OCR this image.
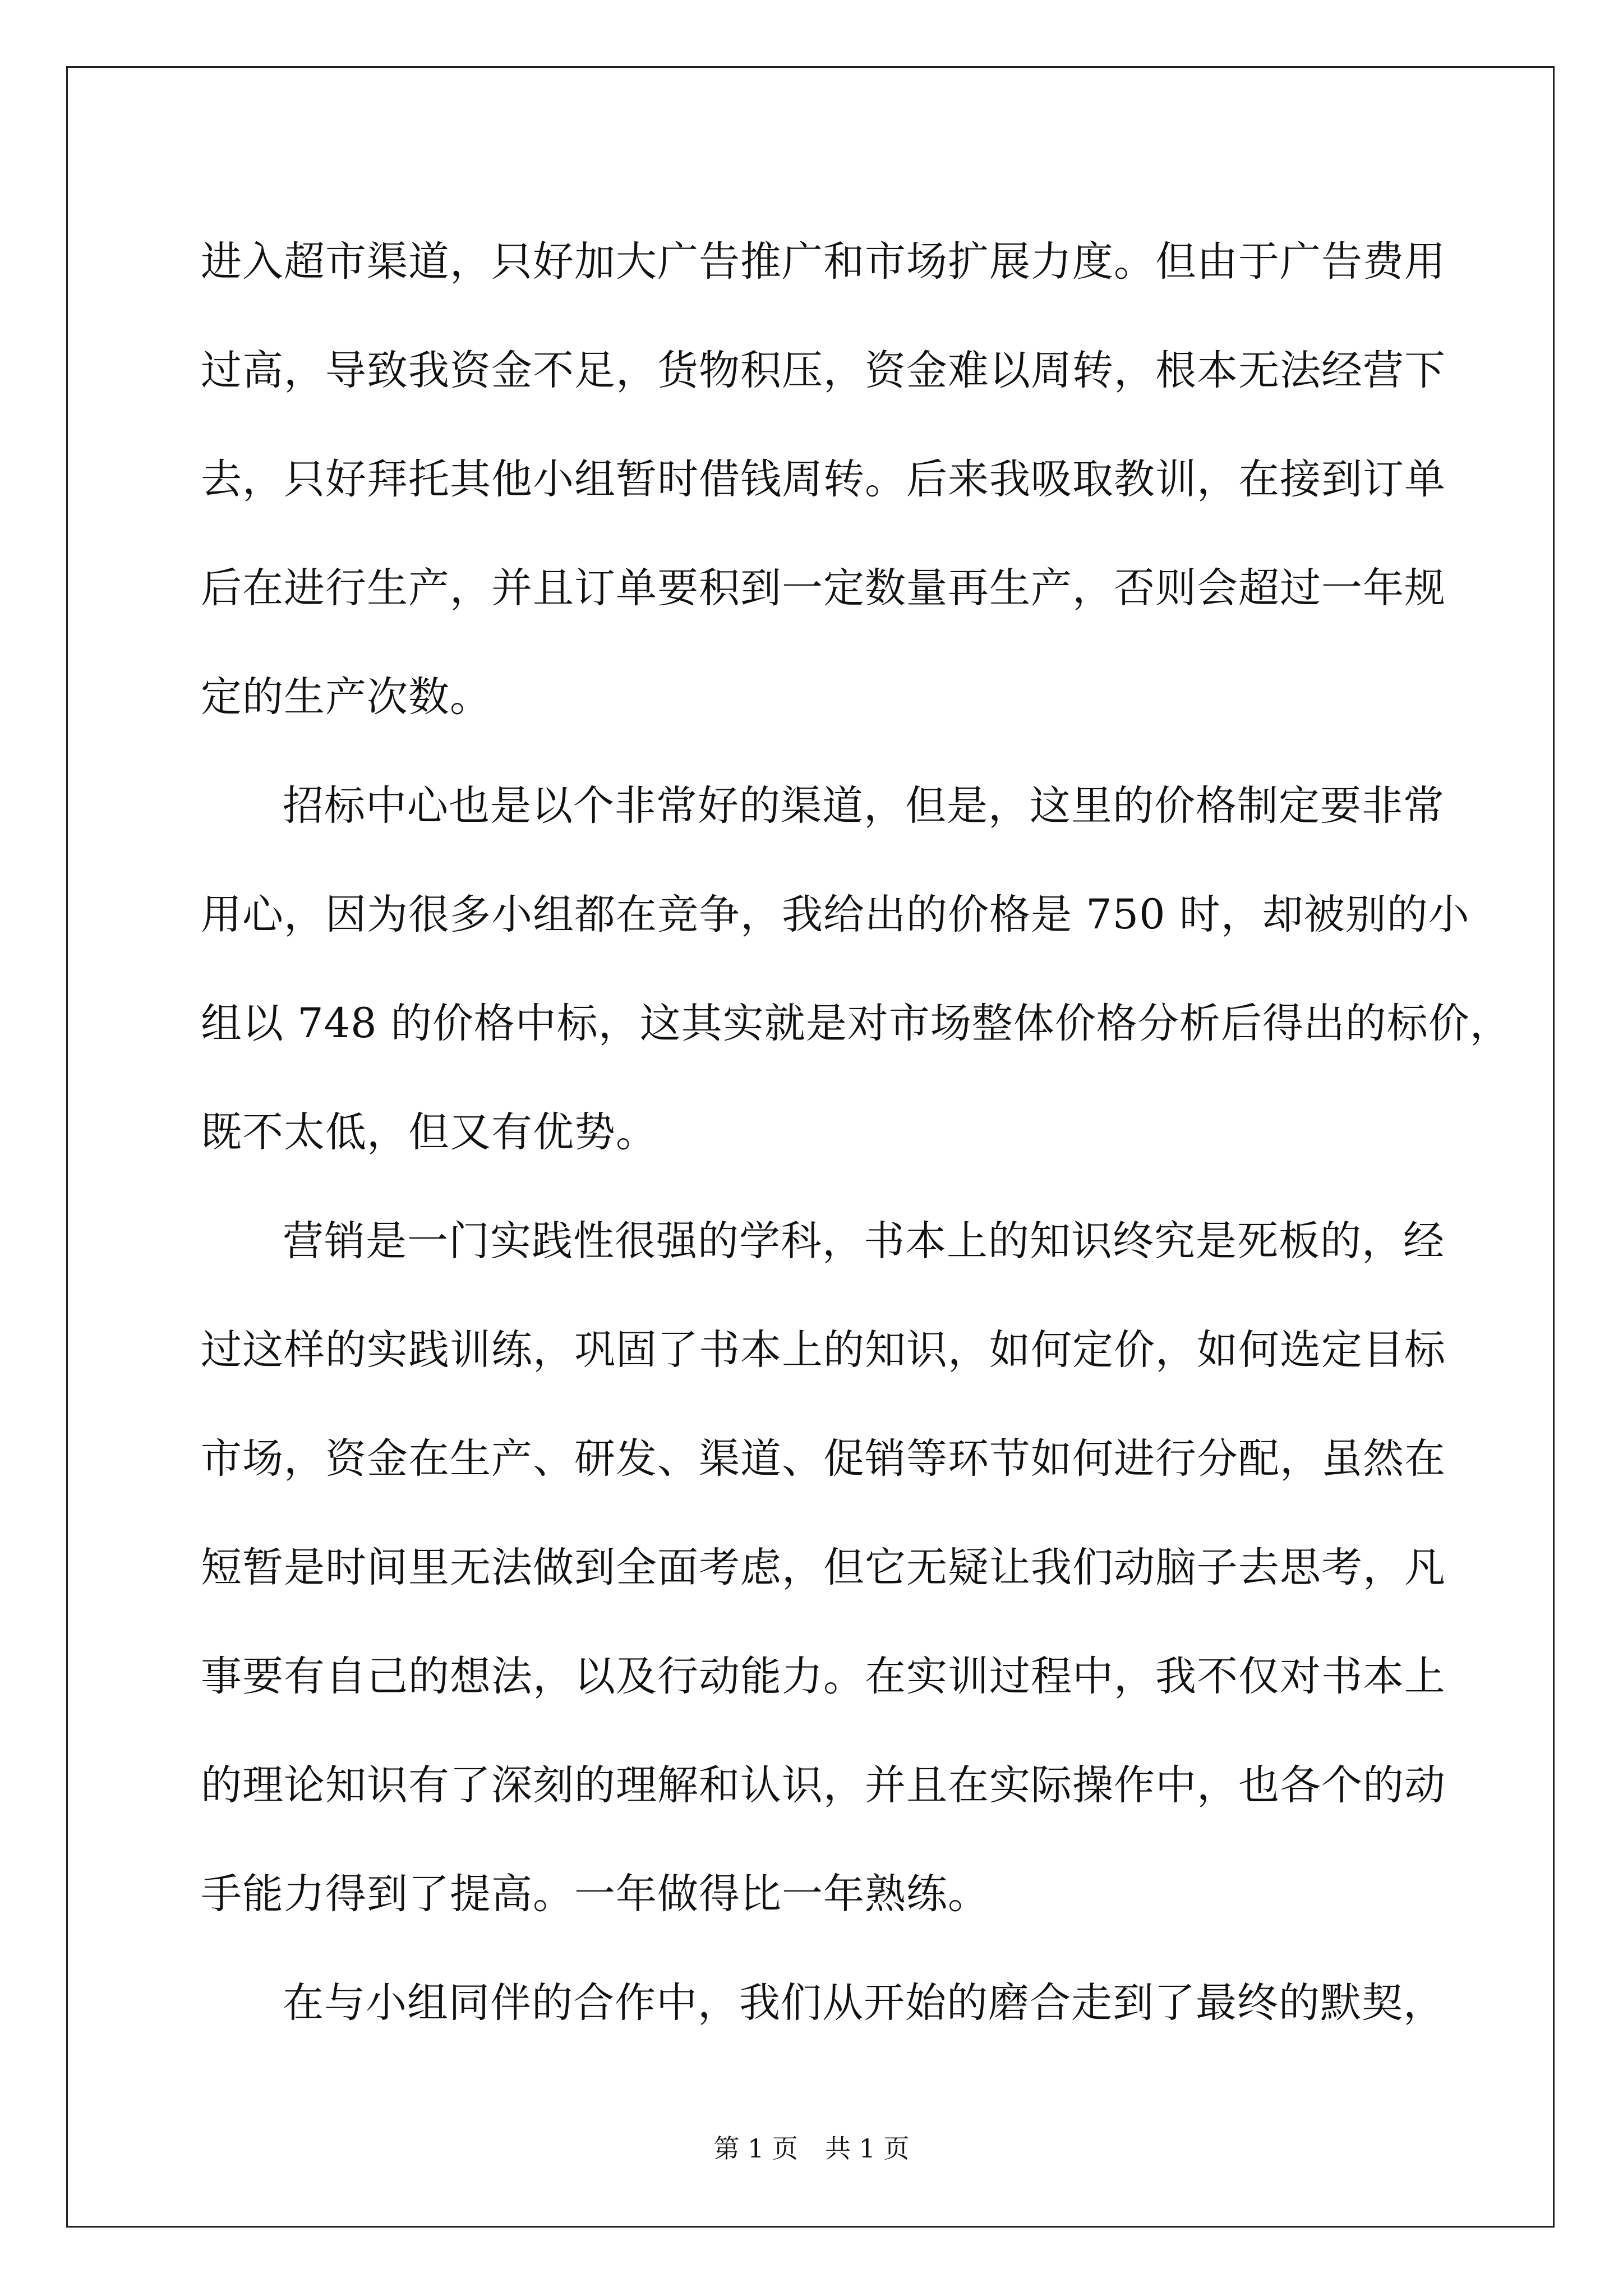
进入超市渠道，只好加大广告推广和市场扩展力度。但由于广告费用
过高，导致我资金不足，货物积压，资金难以周转，根本无法经营下
去，只好拜托其他小组暂时借钱周转。后来我吸取教训，在接到订单
后在进行生产，并且订单要积到一定数量再生产，否则会超过一年规
定的生产次数。
招标中心也是以个非常好的渠道，但是，这里的价格制定要非常
用心，因为很多小组都在竞争，我给出的价格是 750 时，却被别的小
组以 748 的价格中标，这其实就是对市场整体价格分析后得出的标价，
既不太低，但又有优势。
营销是一门实践性很强的学科，书本上的知识终究是死板的，经
过这样的实践训练，巩固了书本上的知识，如何定价，如何选定目标
市场，资金在生产、研发、渠道、促销等环节如何进行分配，虽然在
短暂是时间里无法做到全面考虑，但它无疑让我们动脑子去思考，凡
事要有自己的想法，以及行动能力。在实训过程中，我不仅对书本上
的理论知识有了深刻的理解和认识，并且在实际操作中，也各个的动
手能力得到了提高。一年做得比一年熟练。
在与小组同伴的合作中，我们从开始的磨合走到了最终的默契，
第 1 页 共 1 页
